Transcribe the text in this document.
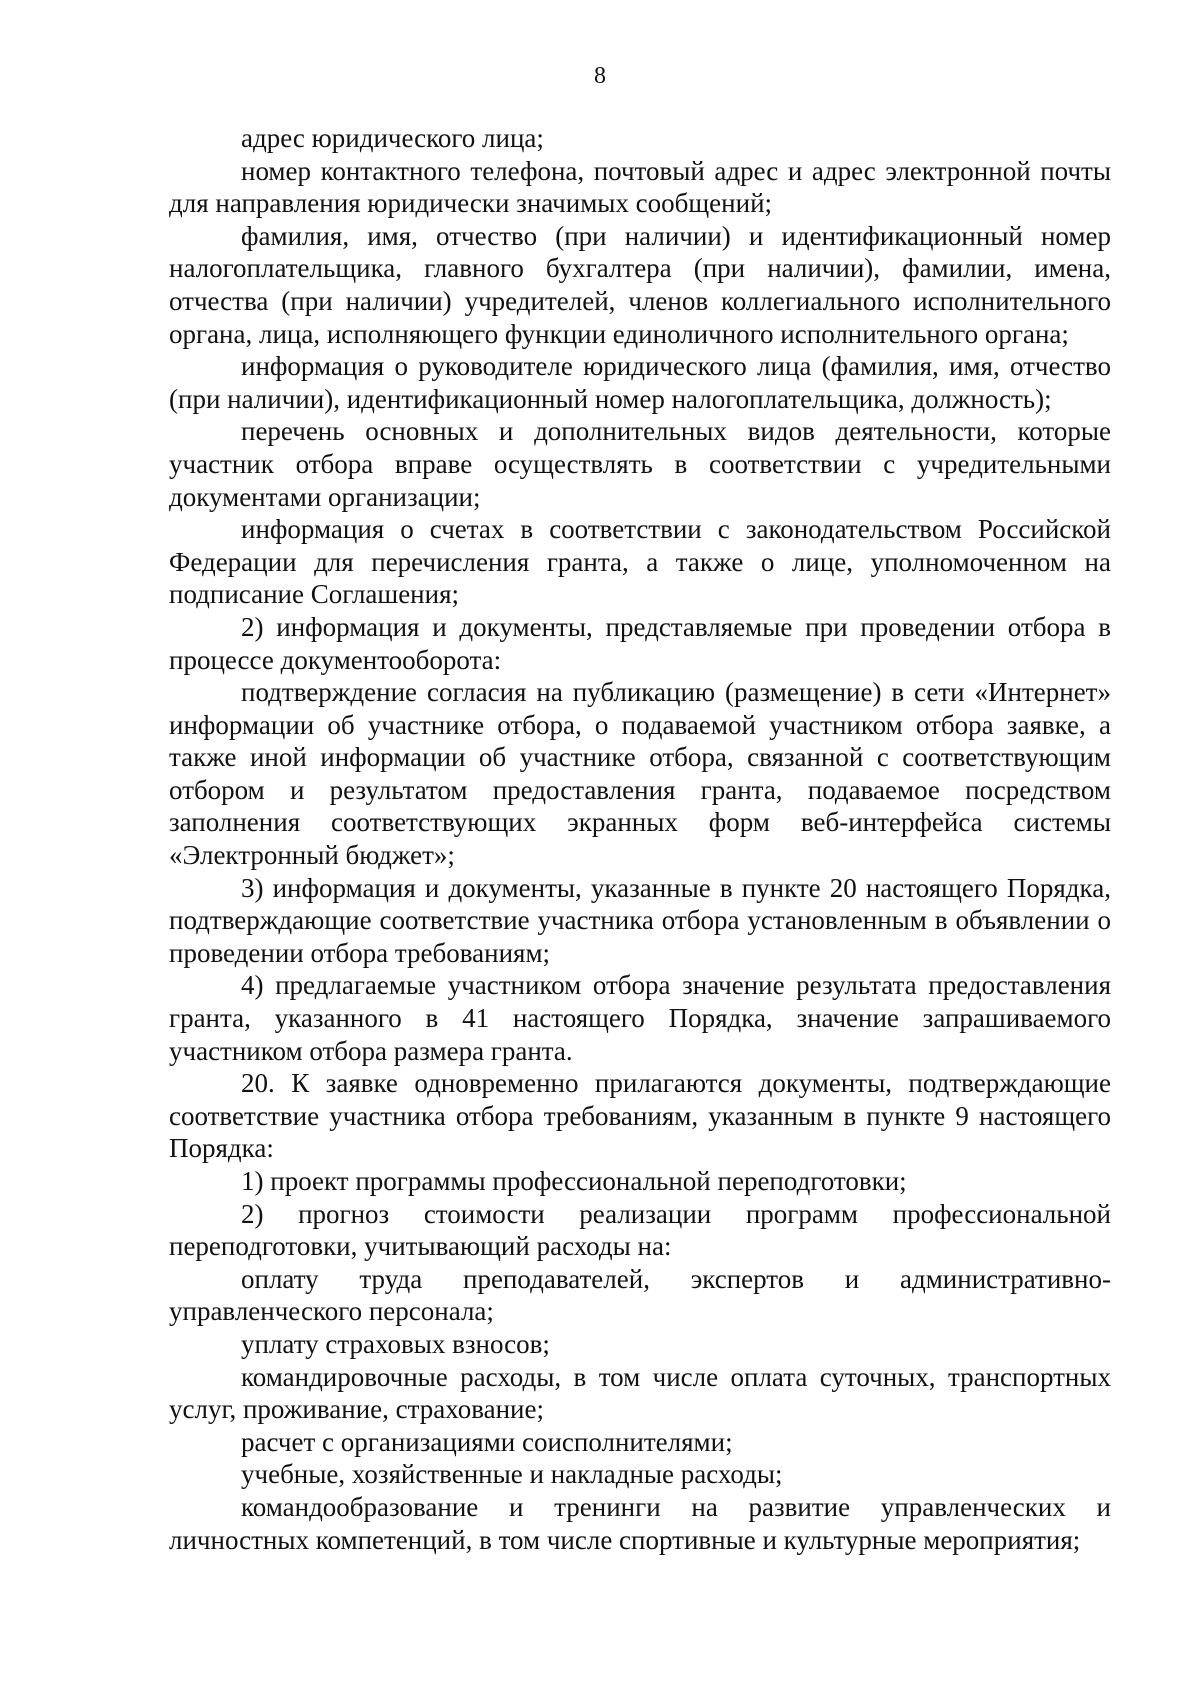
8

адрес юридического лица;

номер контактного телефона, почтовый адрес и адрес электронной почты для направления юридически значимых сообщений;

фамилия, имя, отчество (при наличии) и идентификационный номер налогоплательщика, главного бухгалтера (при наличии), фамилии, имена, отчества (при наличии) учредителей, членов коллегиального исполнительного органа, лица, исполняющего функции единоличного исполнительного органа;

информация о руководителе юридического лица (фамилия, имя, отчество (при наличии), идентификационный номер налогоплательщика, должность);

перечень основных и дополнительных видов деятельности, которые участник отбора вправе осуществлять в соответствии с учредительными документами организации;

информация о счетах в соответствии с законодательством Российской Федерации для перечисления гранта, а также о лице, уполномоченном на подписание Соглашения;

2) информация и документы, представляемые при проведении отбора в процессе документооборота:

подтверждение согласия на публикацию (размещение) в сети «Интернет» информации об участнике отбора, о подаваемой участником отбора заявке, а также иной информации об участнике отбора, связанной с соответствующим отбором и результатом предоставления гранта, подаваемое посредством заполнения соответствующих экранных форм веб-интерфейса системы «Электронный бюджет»;

3) информация и документы, указанные в пункте 20 настоящего Порядка, подтверждающие соответствие участника отбора установленным в объявлении о проведении отбора требованиям;

4) предлагаемые участником отбора значение результата предоставления гранта, указанного в 41 настоящего Порядка, значение запрашиваемого участником отбора размера гранта.

20. К заявке одновременно прилагаются документы, подтверждающие соответствие участника отбора требованиям, указанным в пункте 9 настоящего Порядка:

1) проект программы профессиональной переподготовки;

2) прогноз стоимости реализации программ профессиональной переподготовки, учитывающий расходы на:

оплату труда преподавателей, экспертов и административно-управленческого персонала;

уплату страховых взносов;

командировочные расходы, в том числе оплата суточных, транспортных услуг, проживание, страхование;

расчет с организациями соисполнителями;

учебные, хозяйственные и накладные расходы;

командообразование и тренинги на развитие управленческих и личностных компетенций, в том числе спортивные и культурные мероприятия;
